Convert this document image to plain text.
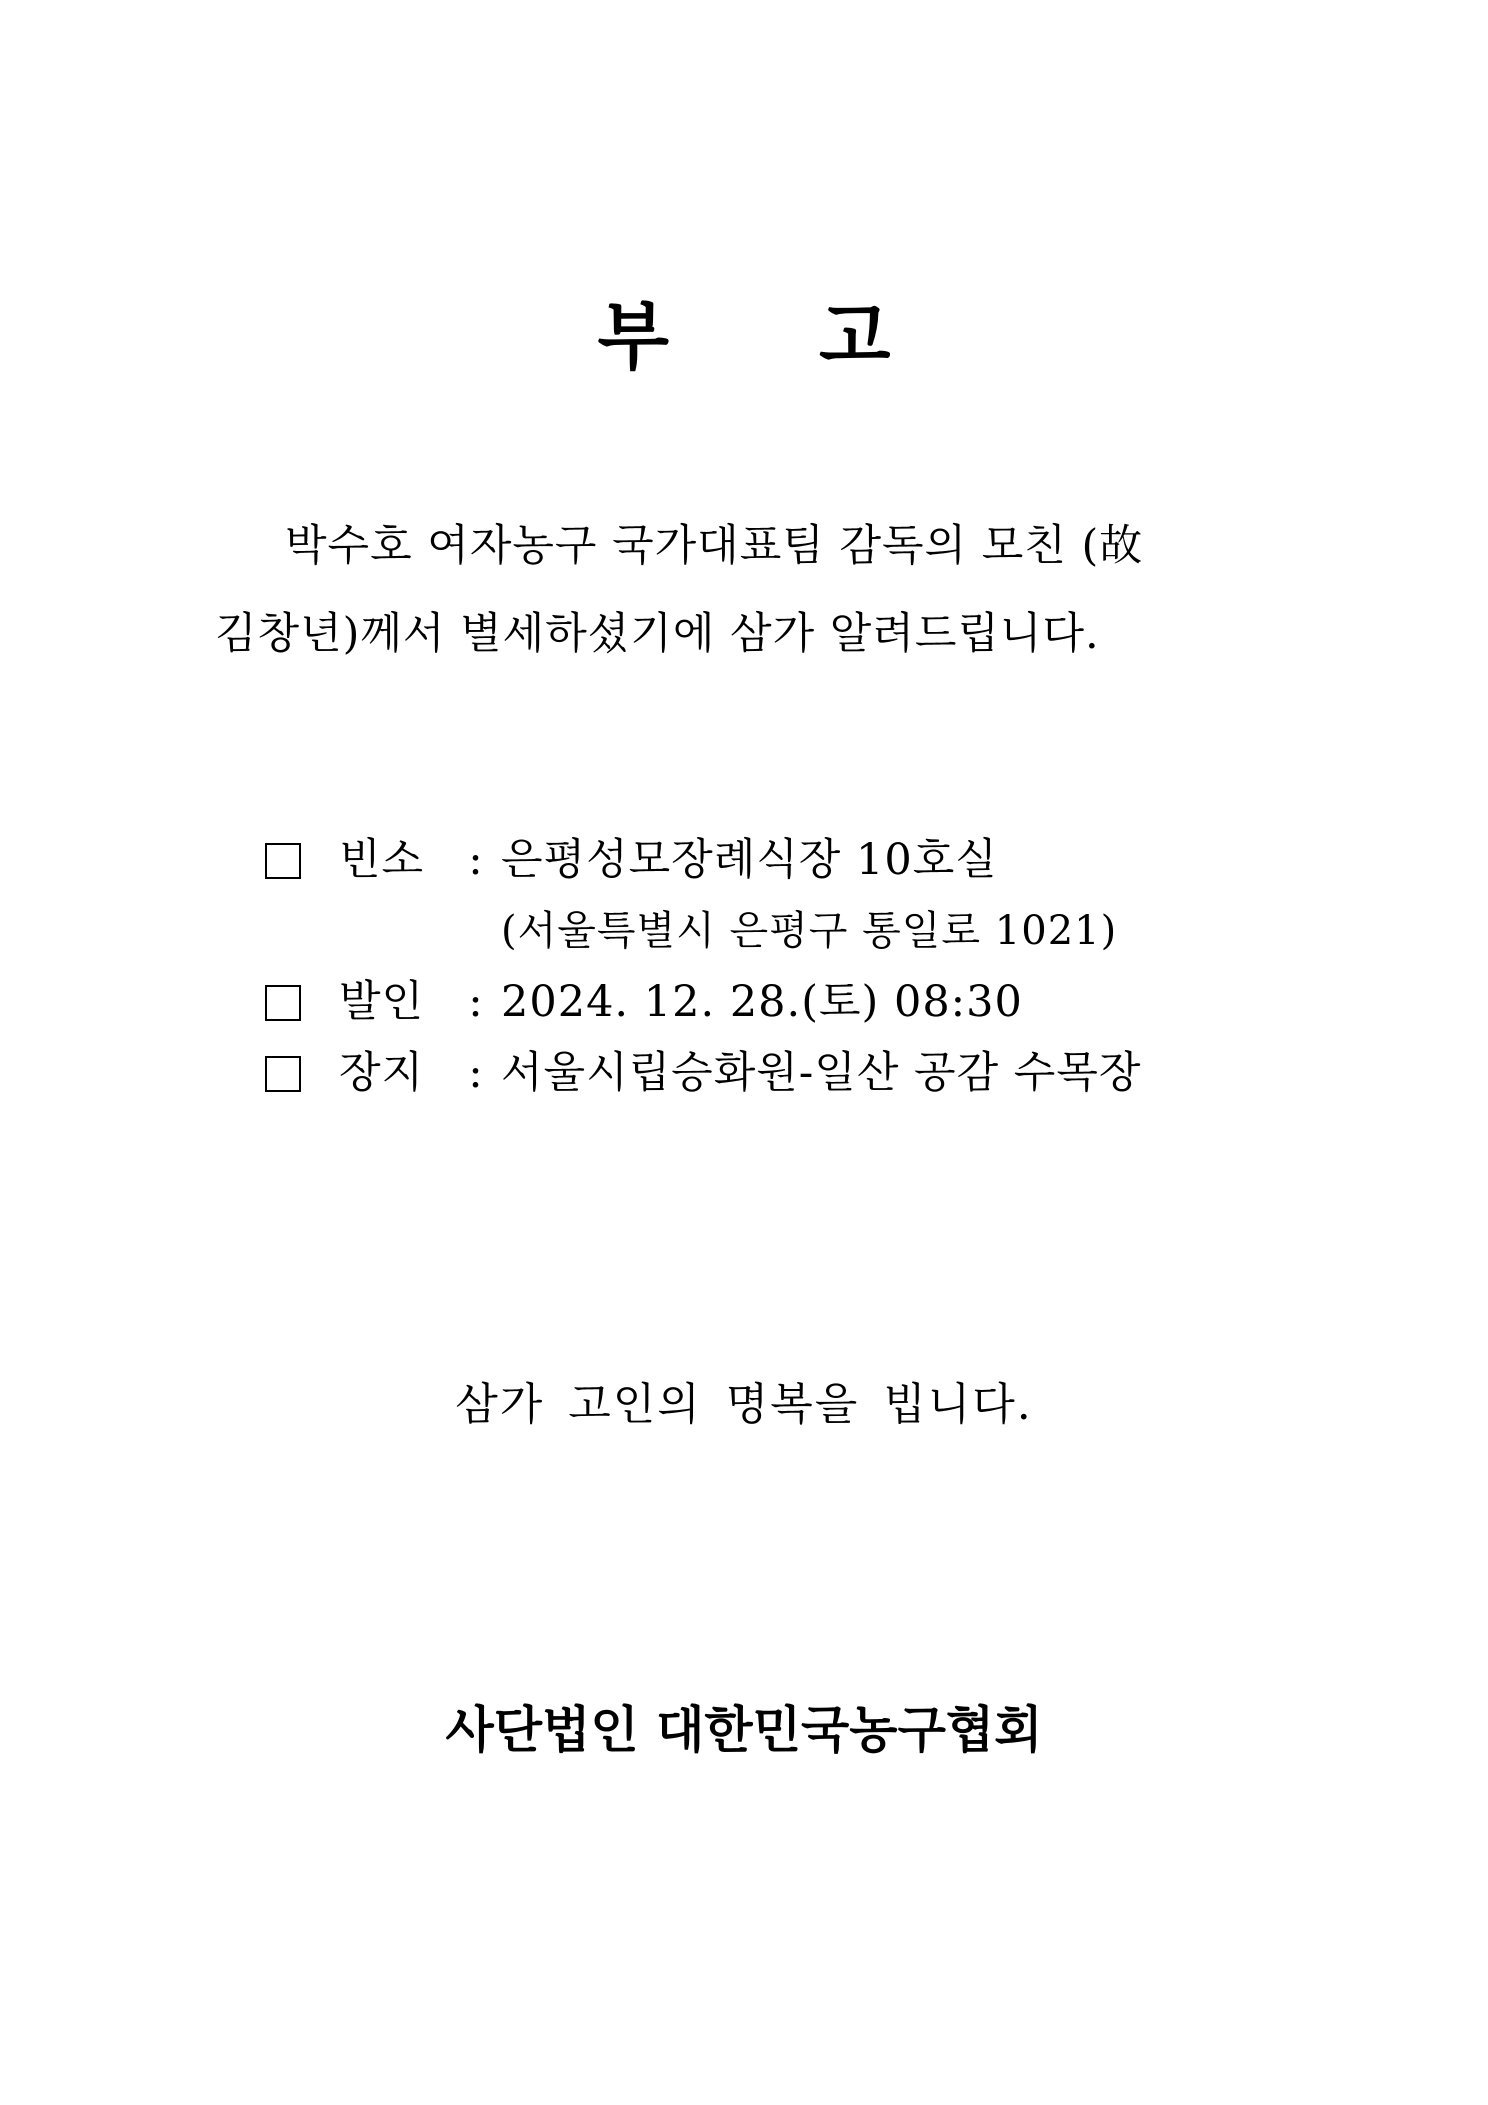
부 고
박수호 여자농구 국가대표팀 감독의 모친 (故
김창년)께서 별세하셨기에 삼가 알려드립니다.
빈소	: 은평성모장례식장 10호실
(서울특별시 은평구 통일로 1021)
발인	: 2024. 12. 28.(토) 08:30
장지	: 서울시립승화원-일산 공감 수목장
삼가 고인의 명복을 빕니다.
사단법인 대한민국농구협회
